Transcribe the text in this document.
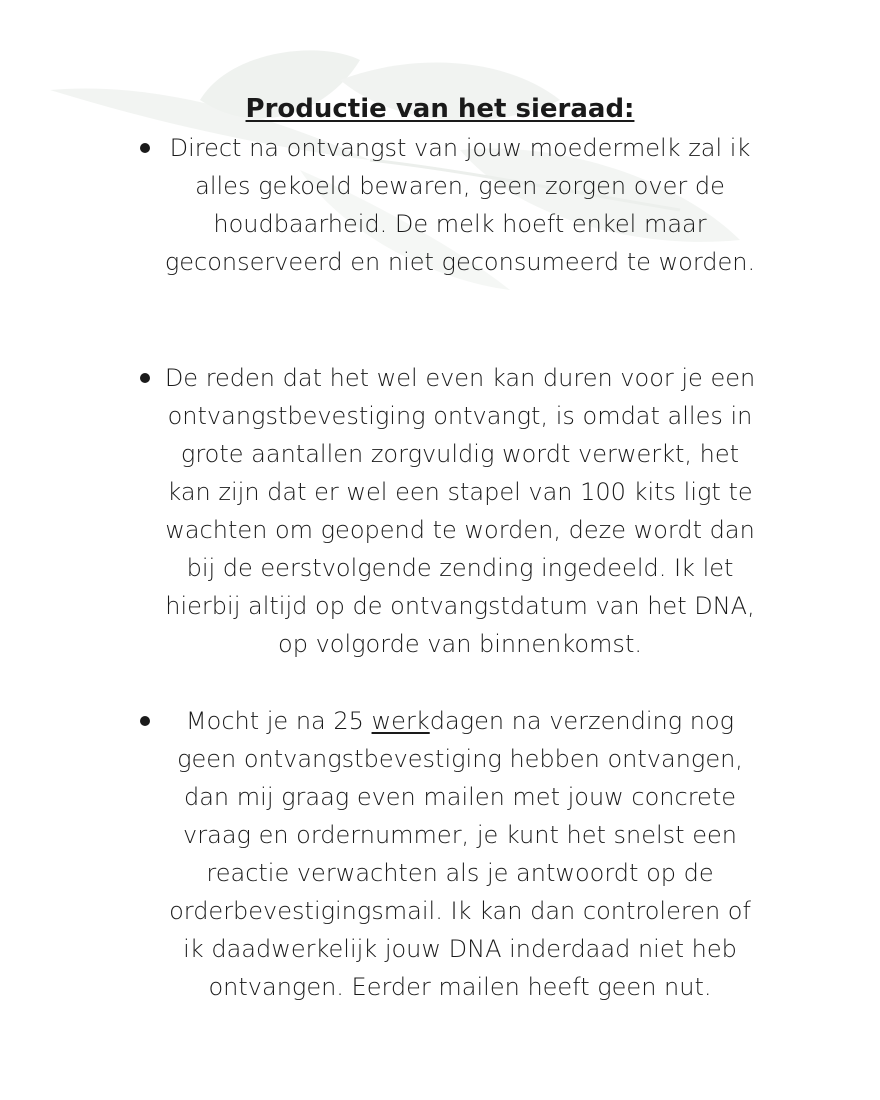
Productie van het sieraad:

Direct na ontvangst van jouw moedermelk zal ik alles gekoeld bewaren, geen zorgen over de houdbaarheid. De melk hoeft enkel maar geconserveerd en niet geconsumeerd te worden.

De reden dat het wel even kan duren voor je een ontvangstbevestiging ontvangt, is omdat alles in grote aantallen zorgvuldig wordt verwerkt, het kan zijn dat er wel een stapel van 100 kits ligt te wachten om geopend te worden, deze wordt dan bij de eerstvolgende zending ingedeeld. Ik let hierbij altijd op de ontvangstdatum van het DNA, op volgorde van binnenkomst.

Mocht je na 25 werkdagen na verzending nog geen ontvangstbevestiging hebben ontvangen, dan mij graag even mailen met jouw concrete vraag en ordernummer, je kunt het snelst een reactie verwachten als je antwoordt op de orderbevestigingsmail. Ik kan dan controleren of ik daadwerkelijk jouw DNA inderdaad niet heb ontvangen. Eerder mailen heeft geen nut.
